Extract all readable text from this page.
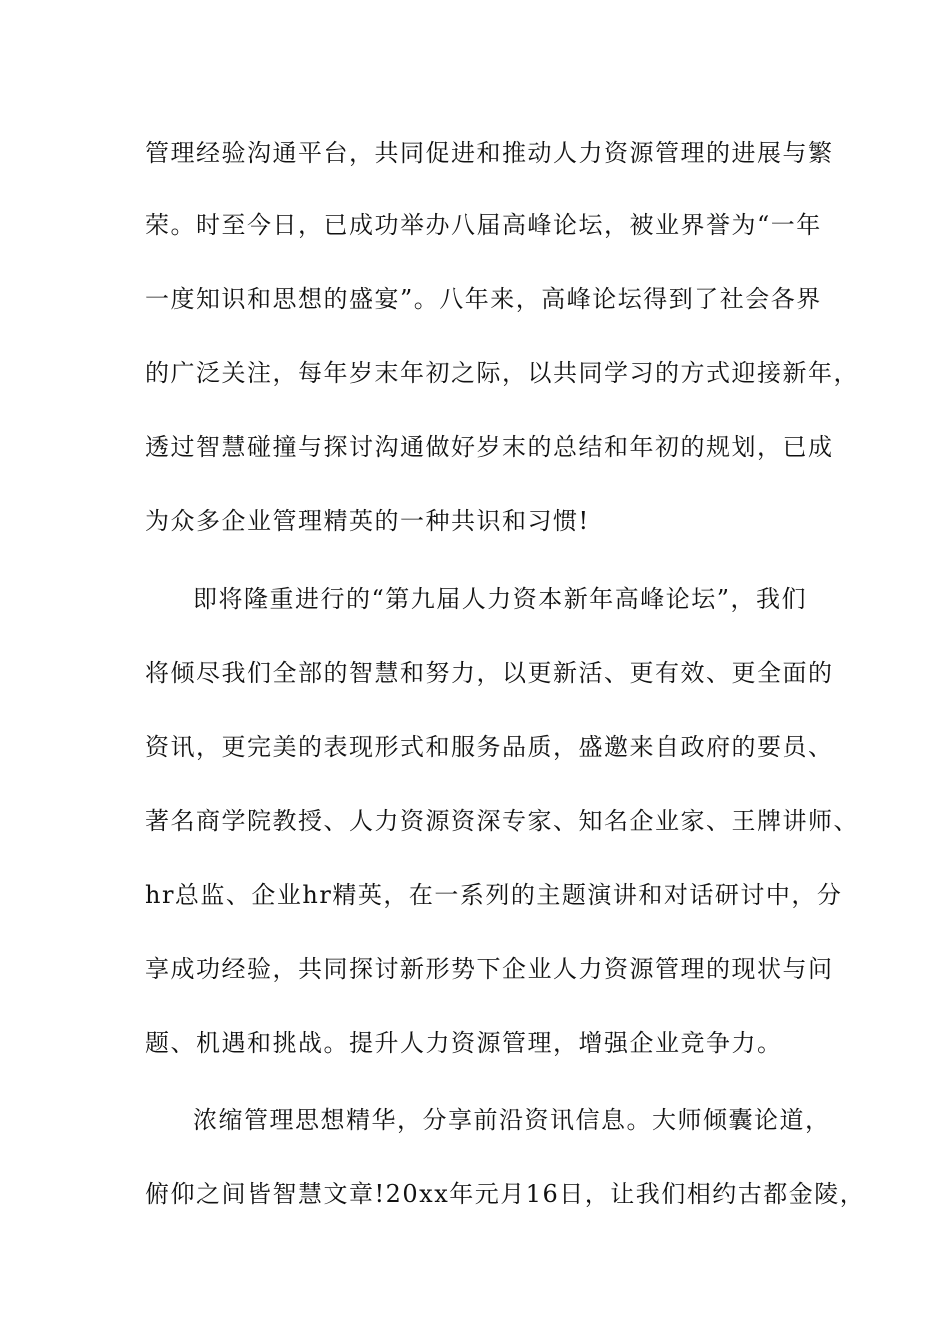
管理经验沟通平台，共同促进和推动人力资源管理的进展与繁
荣。时至今日，已成功举办八届高峰论坛，被业界誉为“一年
一度知识和思想的盛宴”。八年来，高峰论坛得到了社会各界
的广泛关注，每年岁末年初之际，以共同学习的方式迎接新年，
透过智慧碰撞与探讨沟通做好岁末的总结和年初的规划，已成
为众多企业管理精英的一种共识和习惯!
即将隆重进行的“第九届人力资本新年高峰论坛”，我们
将倾尽我们全部的智慧和努力，以更新活、更有效、更全面的
资讯，更完美的表现形式和服务品质，盛邀来自政府的要员、
著名商学院教授、人力资源资深专家、知名企业家、王牌讲师、
hr总监、企业hr精英，在一系列的主题演讲和对话研讨中，分
享成功经验，共同探讨新形势下企业人力资源管理的现状与问
题、机遇和挑战。提升人力资源管理，增强企业竞争力。
浓缩管理思想精华，分享前沿资讯信息。大师倾囊论道，
俯仰之间皆智慧文章!20xx年元月16日，让我们相约古都金陵，
